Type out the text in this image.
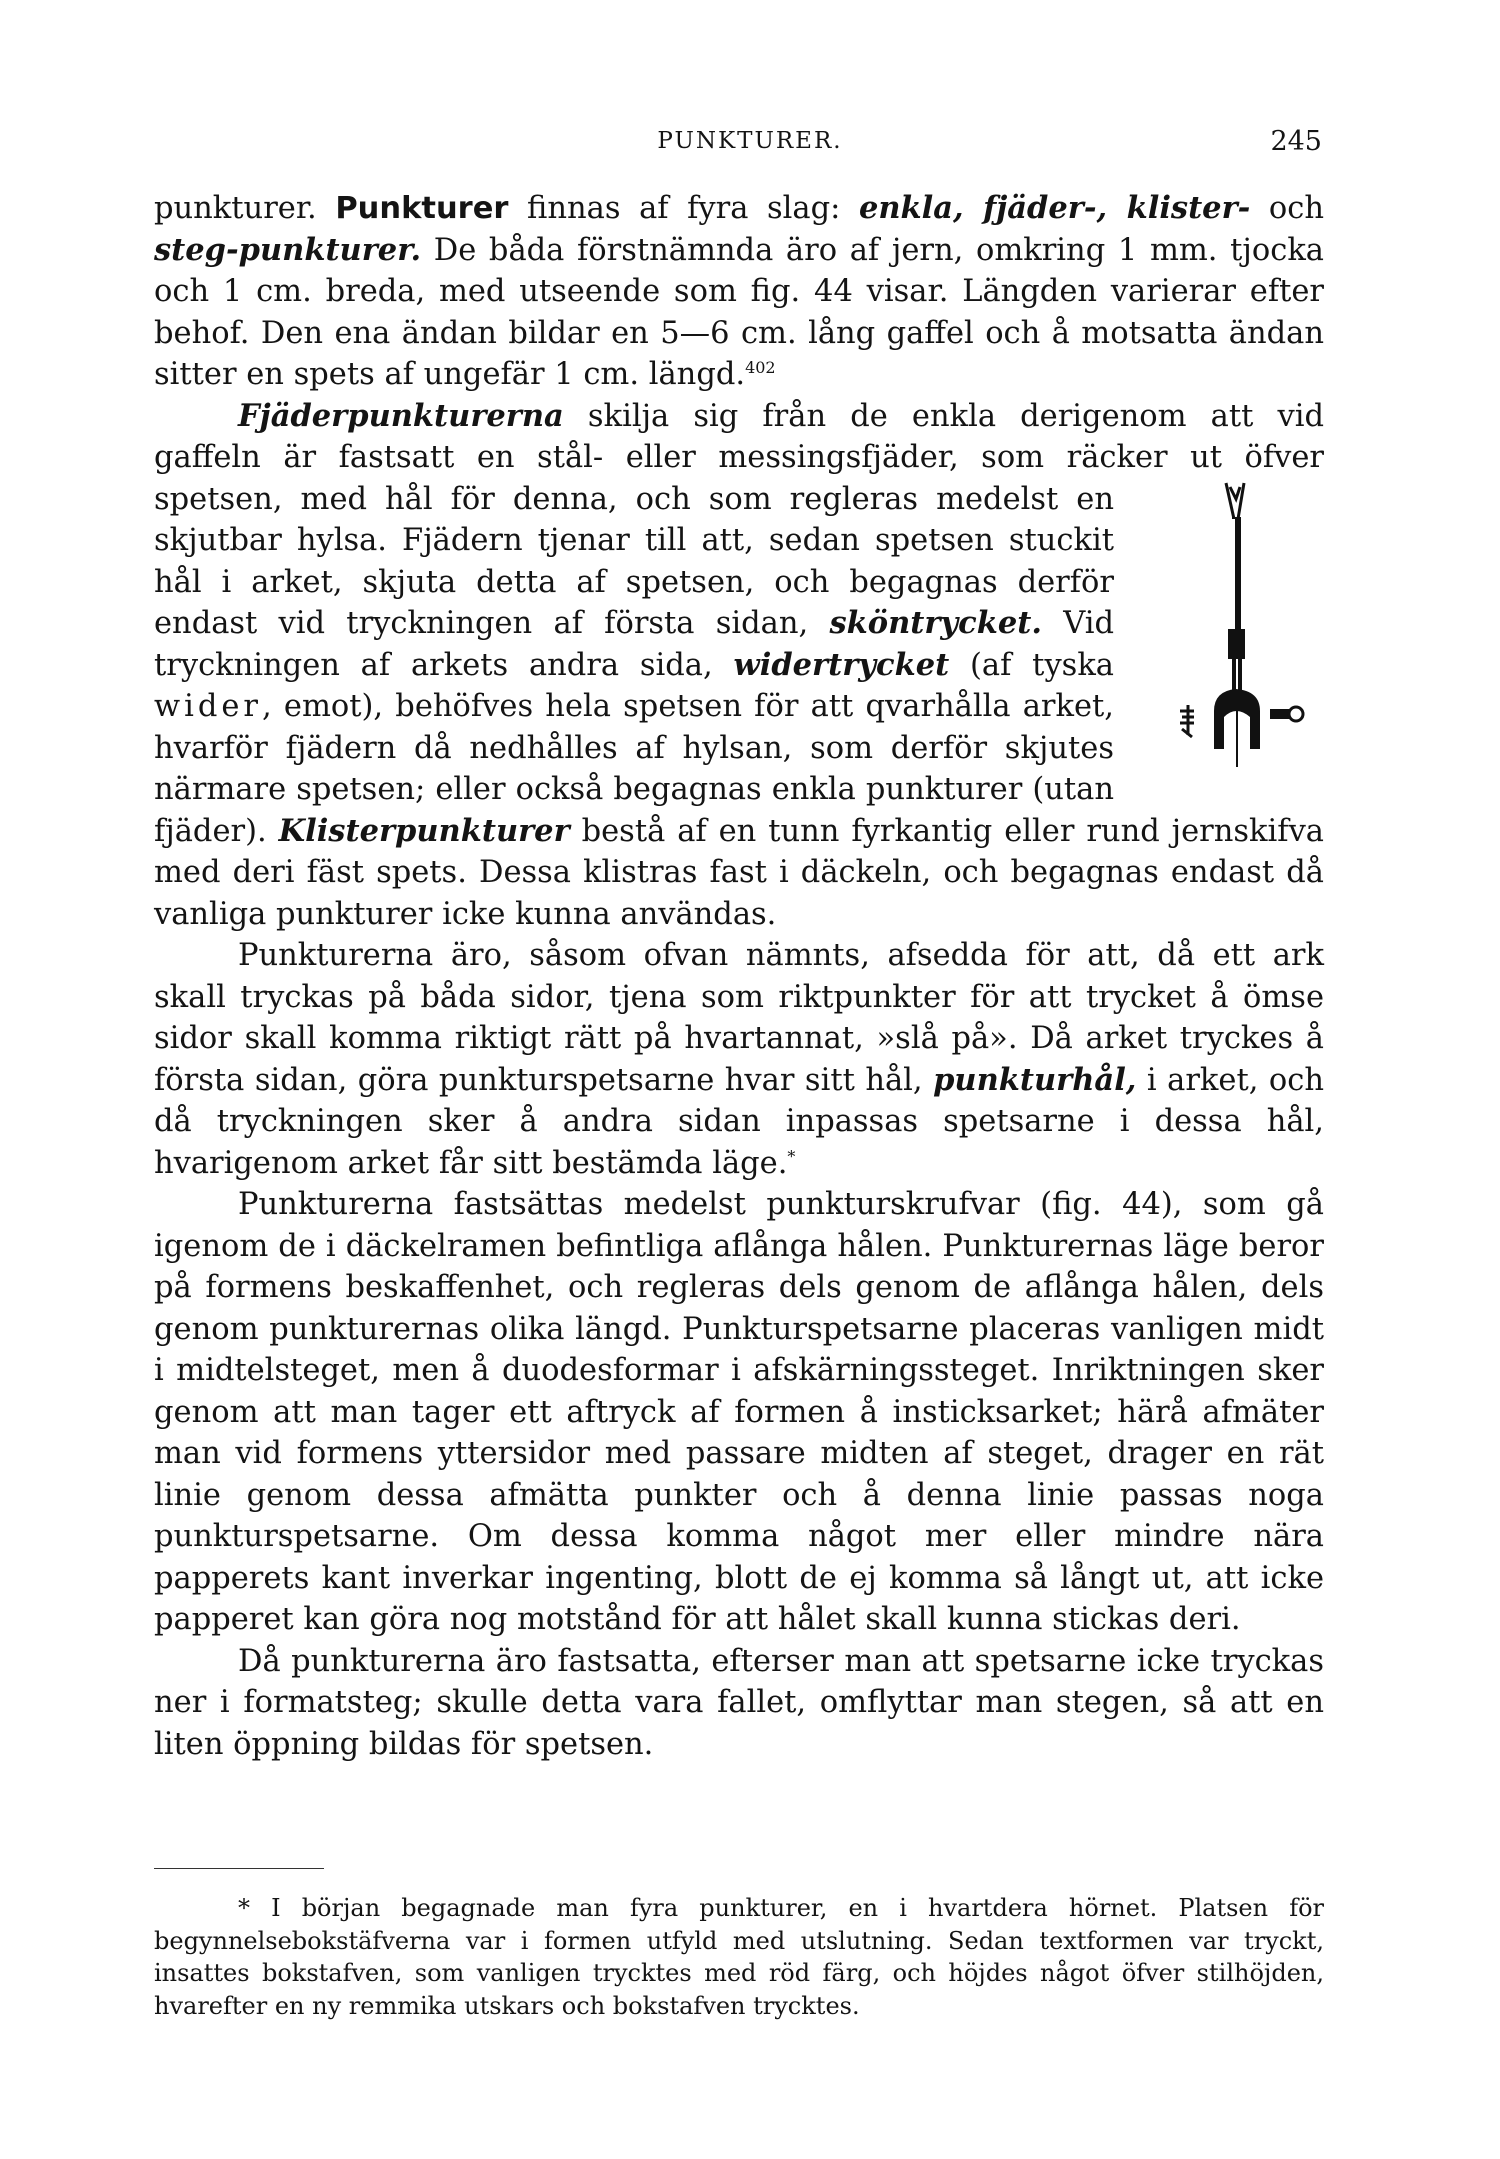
PUNKTURER.	245

punkturer. Punkturer finnas af fyra slag: enkla, fjäder-, klister- och steg-punkturer. De båda förstnämnda äro af jern, omkring 1 mm. tjocka och 1 cm. breda, med utseende som fig. 44 visar. Längden varierar efter behof. Den ena ändan bildar en 5—6 cm. lång gaffel och å motsatta ändan sitter en spets af ungefär 1 cm. längd.$^{402}$

Fjäderpunkturerna skilja sig från de enkla derigenom att vid gaffeln är fastsatt en stål- eller messingsfjäder, som räcker ut öfver spetsen, med hål för denna, och som regleras medelst en
skjutbar hylsa. Fjädern tjenar till att, sedan spetsen stuckit hål i arket, skjuta detta af spetsen, och begagnas derför endast vid tryckningen af första sidan, sköntrycket. Vid tryckningen af arkets andra sida, widertrycket (af tyska wider, emot), behöfves hela spetsen för att qvarhålla arket, hvarför fjädern då nedhålles af hylsan, som derför skjutes närmare spetsen; eller också begagnas enkla punkturer (utan fjäder). Klisterpunkturer bestå af en tunn fyrkantig eller rund jernskifva med deri fäst spets. Dessa klistras fast i däckeln, och begagnas endast då vanliga punkturer icke kunna användas.

Punkturerna äro, såsom ofvan nämnts, afsedda för att, då ett ark skall tryckas på båda sidor, tjena som riktpunkter för att trycket å ömse sidor skall komma riktigt rätt på hvartannat, »slå på». Då arket tryckes å första sidan, göra punkturspetsarne hvar sitt hål, punkturhål, i arket, och då tryckningen sker å andra sidan inpassas spetsarne i dessa hål, hvarigenom arket får sitt bestämda läge.*

Punkturerna fastsättas medelst punkturskrufvar (fig. 44), som gå igenom de i däckelramen befintliga aflånga hålen. Punkturernas läge beror på formens beskaffenhet, och regleras dels genom de aflånga hålen, dels genom punkturernas olika längd. Punkturspetsarne placeras vanligen midt i midtelsteget, men å duodesformar i afskärningssteget. Inriktningen sker genom att man tager ett aftryck af formen å insticksarket; härå afmäter man vid formens yttersidor med passare midten af steget, drager en rät linie genom dessa afmätta punkter och å denna linie passas noga punkturspetsarne. Om dessa komma något mer eller mindre nära papperets kant inverkar ingenting, blott de ej komma så långt ut, att icke papperet kan göra nog motstånd för att hålet skall kunna stickas deri.

Då punkturerna äro fastsatta, efterser man att spetsarne icke tryckas ner i formatsteg; skulle detta vara fallet, omflyttar man stegen, så att en liten öppning bildas för spetsen.

* I början begagnade man fyra punkturer, en i hvartdera hörnet. Platsen för begynnelsebokstäfverna var i formen utfyld med utslutning. Sedan textformen var tryckt, insattes bokstafven, som vanligen trycktes med röd färg, och höjdes något öfver stilhöjden, hvarefter en ny remmika utskars och bokstafven trycktes.
